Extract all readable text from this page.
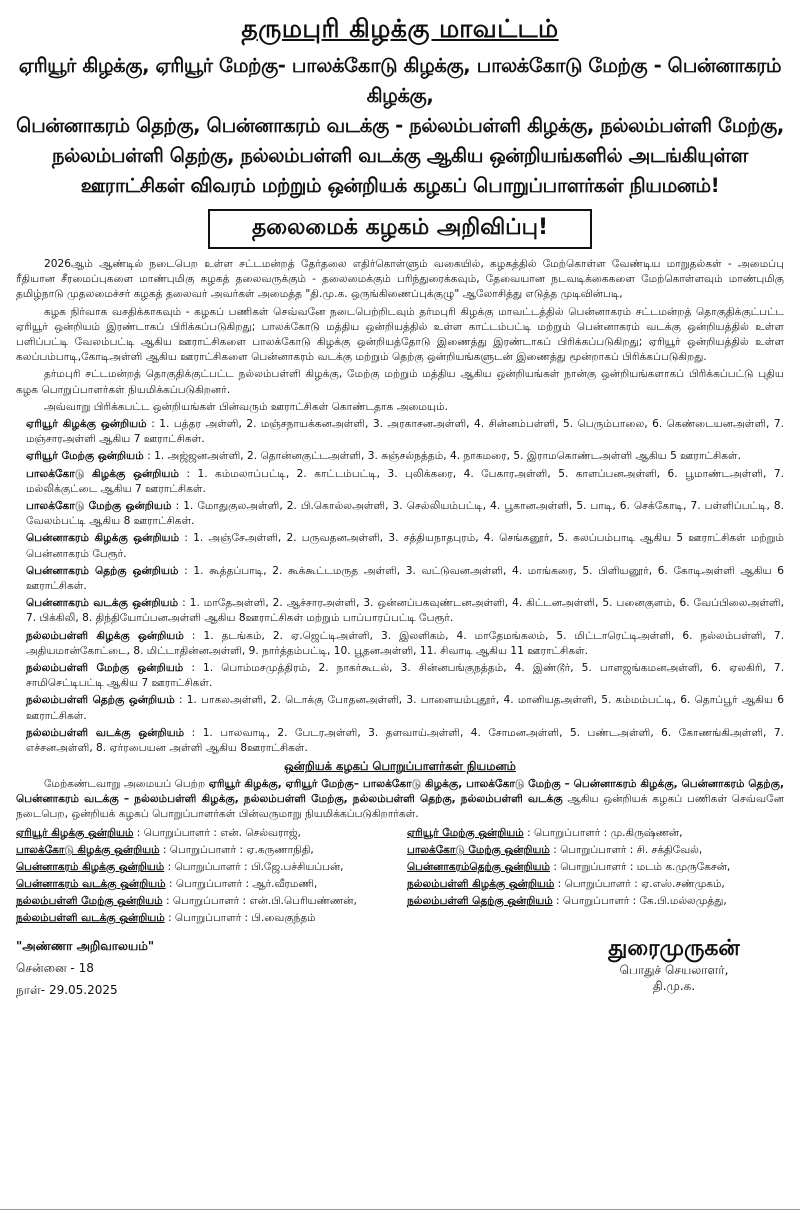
தருமபுரி கிழக்கு மாவட்டம்
ஏரியூர் கிழக்கு, ஏரியூர் மேற்கு- பாலக்கோடு கிழக்கு, பாலக்கோடு மேற்கு - பென்னாகரம் கிழக்கு,
பென்னாகரம் தெற்கு, பென்னாகரம் வடக்கு - நல்லம்பள்ளி கிழக்கு, நல்லம்பள்ளி மேற்கு,
நல்லம்பள்ளி தெற்கு, நல்லம்பள்ளி வடக்கு ஆகிய ஒன்றியங்களில் அடங்கியுள்ள
ஊராட்சிகள் விவரம் மற்றும் ஒன்றியக் கழகப் பொறுப்பாளர்கள் நியமனம்!
தலைமைக் கழகம் அறிவிப்பு!

2026ஆம் ஆண்டில் நடைபெற உள்ள சட்டமன்றத் தேர்தலை எதிர்கொள்ளும் வகையில், கழகத்தில் மேற்கொள்ள வேண்டிய மாறுதல்கள் - அமைப்பு ரீதியான சீரமைப்புகளை மாண்புமிகு கழகத் தலைவருக்கும் - தலைமைக்கும் பரிந்துரைக்கவும், தேவையான நடவடிக்கைகளை மேற்கொள்ளவும் மாண்புமிகு தமிழ்நாடு முதலமைச்சர் கழகத் தலைவர் அவர்கள் அமைத்த "தி.மு.க. ஒருங்கிணைப்புக்குழு" ஆலோசித்து எடுத்த முடிவின்படி,

கழக நிர்வாக வசதிக்காகவும் - கழகப் பணிகள் செவ்வனே நடைபெற்றிடவும் தர்மபுரி கிழக்கு மாவட்டத்தில் பென்னாகரம் சட்டமன்றத் தொகுதிக்குட்பட்ட ஏரியூர் ஒன்றியம் இரண்டாகப் பிரிக்கப்படுகிறது; பாலக்கோடு மத்திய ஒன்றியத்தில் உள்ள காட்டம்பட்டி மற்றும் பென்னாகரம் வடக்கு ஒன்றியத்தில் உள்ள பளிப்பட்டி வேலம்பட்டி ஆகிய ஊராட்சிகளை பாலக்கோடு கிழக்கு ஒன்றியத்தோடு இணைத்து இரண்டாகப் பிரிக்கப்படுகிறது; ஏரியூர் ஒன்றியத்தில் உள்ள கலப்பம்பாடி,கோடிஅள்ளி ஆகிய ஊராட்சிகளை பென்னாகரம் வடக்கு மற்றும் தெற்கு ஒன்றியங்களுடன் இணைத்து மூன்றாகப் பிரிக்கப்படுகிறது.

தர்மபுரி சட்டமன்றத் தொகுதிக்குட்பட்ட நல்லம்பள்ளி கிழக்கு, மேற்கு மற்றும் மத்திய ஆகிய ஒன்றியங்கள் நான்கு ஒன்றியங்களாகப் பிரிக்கப்பட்டு புதிய கழக பொறுப்பாளர்கள் நியமிக்கப்படுகிறனர்.

அவ்வாறு பிரிக்கபட்ட ஒன்றியங்கள் பின்வரும் ஊராட்சிகள் கொண்டதாக அமையும்.

ஏரியூர் கிழக்கு ஒன்றியம் : 1. பத்தர அள்ளி, 2. மஞ்சநாயக்கனஅள்ளி, 3. அரகாசனஅள்ளி, 4. சின்னம்பள்ளி, 5. பெரும்பாலை, 6. கெண்டையனஅள்ளி, 7. மஞ்சாரஅள்ளி ஆகிய 7 ஊராட்சிகள்.

ஏரியூர் மேற்கு ஒன்றியம் : 1. அஜ்ஜனஅள்ளி, 2. தொன்னகுட்டஅள்ளி, 3. சுஞ்சல்நத்தம், 4. நாகமரை, 5. இராமகொண்டஅள்ளி ஆகிய 5 ஊராட்சிகள்.

பாலக்கோடு கிழக்கு ஒன்றியம் : 1. கம்மலாப்பட்டி, 2. காட்டம்பட்டி, 3. புலிக்கரை, 4. பேகாரஅள்ளி, 5. காளப்பனஅள்ளி, 6. பூமாண்டஅள்ளி, 7. மல்லிக்குட்டை ஆகிய 7 ஊராட்சிகள்.

பாலக்கோடு மேற்கு ஒன்றியம் : 1. மோதுகுலஅள்ளி, 2. பி.கொல்லஅள்ளி, 3. செல்லியம்பட்டி, 4. பூகானஅள்ளி, 5. பாடி, 6. செக்கோடி, 7. பள்ளிப்பட்டி, 8. வேலம்பட்டி ஆகிய 8 ஊராட்சிகள்.

பென்னாகரம் கிழக்கு ஒன்றியம் : 1. அஞ்சேஅள்ளி, 2. பருவதனஅள்ளி, 3. சத்தியநாதபுரம், 4. செங்கனூர், 5. கலப்பம்பாடி ஆகிய 5 ஊராட்சிகள் மற்றும் பென்னாகரம் பேரூர்.

பென்னாகரம் தெற்கு ஒன்றியம் : 1. கூத்தப்பாடி, 2. கூக்கூட்டமருத அள்ளி, 3. வட்டுவனஅள்ளி, 4. மாங்கரை, 5. பிளியனூர், 6. கோடிஅள்ளி ஆகிய 6 ஊராட்சிகள்.

பென்னாகரம் வடக்கு ஒன்றியம் : 1. மாதேஅள்ளி, 2. ஆச்சாரஅள்ளி, 3. ஒன்னப்பகவுண்டனஅள்ளி, 4. கிட்டனஅள்ளி, 5. பனைகுளம், 6. வேப்பிலைஅள்ளி, 7. பிக்கிலி, 8. திந்தியோப்பனஅள்ளி ஆகிய 8ஊராட்சிகள் மற்றும் பாப்பாரப்பட்டி பேரூர்.

நல்லம்பள்ளி கிழக்கு ஒன்றியம் : 1. தடங்கம், 2. ஏ.ஜெட்டிஅள்ளி, 3. இலளிகம், 4. மாதேமங்கலம், 5. மிட்டாரெட்டிஅள்ளி, 6. நல்லம்பள்ளி, 7. அதியமான்கோட்டை, 8. மிட்டாதின்னஅள்ளி, 9. நார்த்தம்பட்டி, 10. பூதனஅள்ளி, 11. சிவாடி ஆகிய 11 ஊராட்சிகள்.

நல்லம்பள்ளி மேற்கு ஒன்றியம் : 1. பொம்மசமுத்திரம், 2. நாகர்கூடல், 3. சின்னபங்குநத்தம், 4. இண்டூர், 5. பாளஜங்கமனஅள்ளி, 6. ஏலகிரி, 7. சாமிசெட்டிபட்டி ஆகிய 7 ஊராட்சிகள்.

நல்லம்பள்ளி தெற்கு ஒன்றியம் : 1. பாகலஅள்ளி, 2. டொக்கு போதனஅள்ளி, 3. பாளையம்புதூர், 4. மானியதஅள்ளி, 5. கம்மம்பட்டி, 6. தொப்பூர் ஆகிய 6 ஊராட்சிகள்.

நல்லம்பள்ளி வடக்கு ஒன்றியம் : 1. பாலவாடி, 2. பேடரஅள்ளி, 3. தளவாய்அள்ளி, 4. சோமனஅள்ளி, 5. பண்டஅள்ளி, 6. கோணங்கிஅள்ளி, 7. எச்சனஅள்ளி, 8. ஏர்ரபையன அள்ளி ஆகிய 8ஊராட்சிகள்.

ஒன்றியக் கழகப் பொறுப்பாளர்கள் நியமனம்

மேற்கண்டவாறு அமையப் பெற்ற ஏரியூர் கிழக்கு, ஏரியூர் மேற்கு– பாலக்கோடு கிழக்கு, பாலக்கோடு மேற்கு – பென்னாகரம் கிழக்கு, பென்னாகரம் தெற்கு, பென்னாகரம் வடக்கு – நல்லம்பள்ளி கிழக்கு, நல்லம்பள்ளி மேற்கு, நல்லம்பள்ளி தெற்கு, நல்லம்பள்ளி வடக்கு ஆகிய ஒன்றியக் கழகப் பணிகள் செவ்வனே நடைபெற, ஒன்றியக் கழகப் பொறுப்பாளர்கள் பின்வருமாறு நியமிக்கப்படுகிறார்கள்.

ஏரியூர் கிழக்கு ஒன்றியம் : பொறுப்பாளர் : என். செல்வராஜ்,
பாலக்கோடு கிழக்கு ஒன்றியம் : பொறுப்பாளர் : ஏ.கருணாநிதி,
பென்னாகரம் கிழக்கு ஒன்றியம் : பொறுப்பாளர் : பி.ஜே.பச்சியப்பன்,
பென்னாகரம் வடக்கு ஒன்றியம் : பொறுப்பாளர் : ஆர்.வீரமணி,
நல்லம்பள்ளி மேற்கு ஒன்றியம் : பொறுப்பாளர் : என்.பி.பெரியண்ணன்,
நல்லம்பள்ளி வடக்கு ஒன்றியம் : பொறுப்பாளர் : பி.வைகுந்தம்
ஏரியூர் மேற்கு ஒன்றியம் : பொறுப்பாளர் : மு.கிருஷ்ணன்,
பாலக்கோடு மேற்கு ஒன்றியம் : பொறுப்பாளர் : சி. சக்திவேல்,
பென்னாகரம்தெற்கு ஒன்றியம் : பொறுப்பாளர் : மடம் க.முருகேசன்,
நல்லம்பள்ளி கிழக்கு ஒன்றியம் : பொறுப்பாளர் : ஏ.எஸ்.சண்முகம்,
நல்லம்பள்ளி தெற்கு ஒன்றியம் : பொறுப்பாளர் : கே.பி.மல்லமுத்து,
"அண்ணா அறிவாலயம்"
சென்னை - 18
நாள்- 29.05.2025
துரைமுருகன்
பொதுச் செயலாளர்,
தி.மு.க.
